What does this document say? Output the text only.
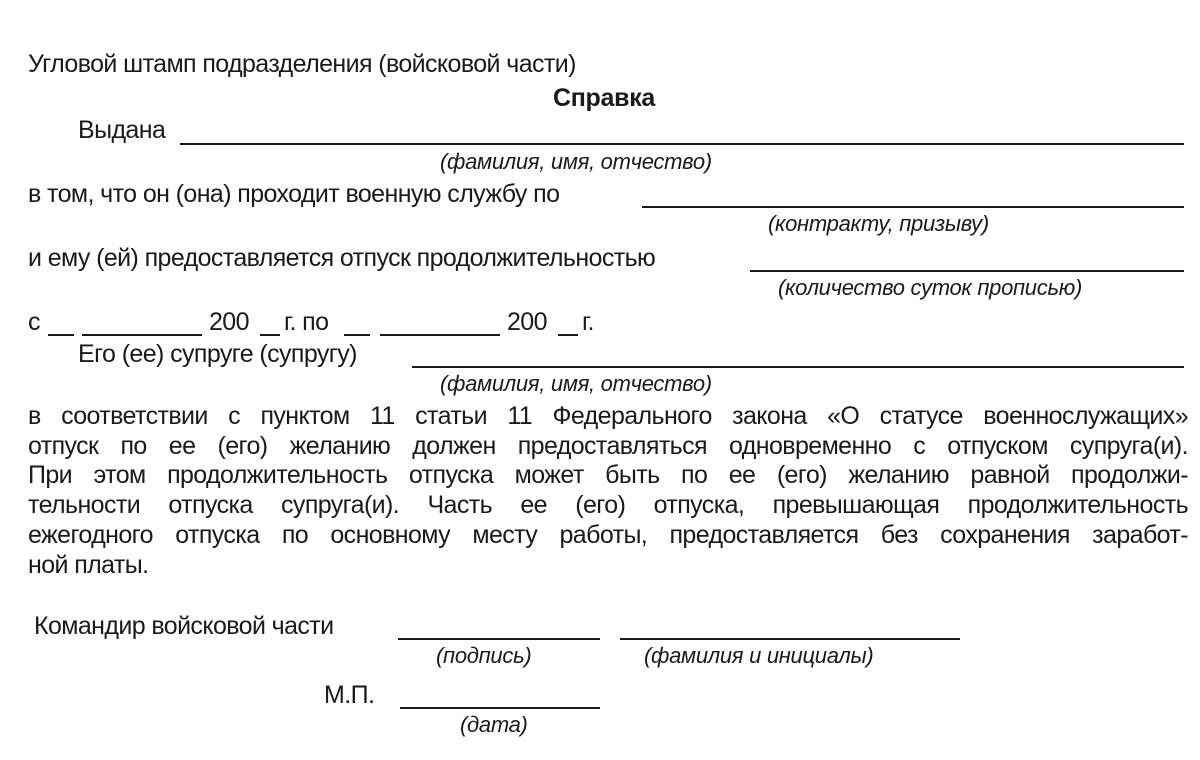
Угловой штамп подразделения (войсковой части)
Справка
Выдана
(фамилия, имя, отчество)
в том, что он (она) проходит военную службу по
(контракту, призыву)
и ему (ей) предоставляется отпуск продолжительностью
(количество суток прописью)
с	200 г. по	200 г.
Его (ее) супруге (супругу)
(фамилия, имя, отчество)
в соответствии с пунктом 11 статьи 11 Федерального закона «О статусе военнослужащих»
отпуск по ее (его) желанию должен предоставляться одновременно с отпуском супруга(и).
При этом продолжительность отпуска может быть по ее (его) желанию равной продолжи-
тельности отпуска супруга(и). Часть ее (его) отпуска, превышающая продолжительность
ежегодного отпуска по основному месту работы, предоставляется без сохранения заработ-
ной платы.
Командир войсковой части
(подпись)	(фамилия и инициалы)
М.П.
(дата)
